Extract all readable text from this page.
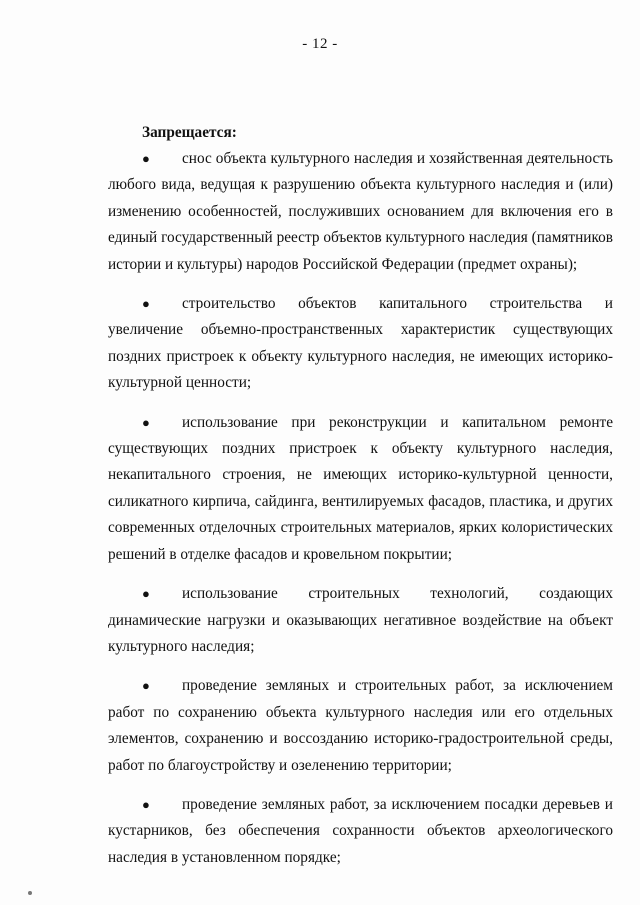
- 12 -
Запрещается:
● снос объекта культурного наследия и хозяйственная деятельность любого вида, ведущая к разрушению объекта культурного наследия и (или) изменению особенностей, послуживших основанием для включения его в единый государственный реестр объектов культурного наследия (памятников истории и культуры) народов Российской Федерации (предмет охраны);
● строительство объектов капитального строительства и увеличение объемно-пространственных характеристик существующих поздних пристроек к объекту культурного наследия, не имеющих историко-культурной ценности;
● использование при реконструкции и капитальном ремонте существующих поздних пристроек к объекту культурного наследия, некапитального строения, не имеющих историко-культурной ценности, силикатного кирпича, сайдинга, вентилируемых фасадов, пластика, и других современных отделочных строительных материалов, ярких колористических решений в отделке фасадов и кровельном покрытии;
● использование строительных технологий, создающих динамические нагрузки и оказывающих негативное воздействие на объект культурного наследия;
● проведение земляных и строительных работ, за исключением работ по сохранению объекта культурного наследия или его отдельных элементов, сохранению и воссозданию историко-градостроительной среды, работ по благоустройству и озеленению территории;
● проведение земляных работ, за исключением посадки деревьев и кустарников, без обеспечения сохранности объектов археологического наследия в установленном порядке;
